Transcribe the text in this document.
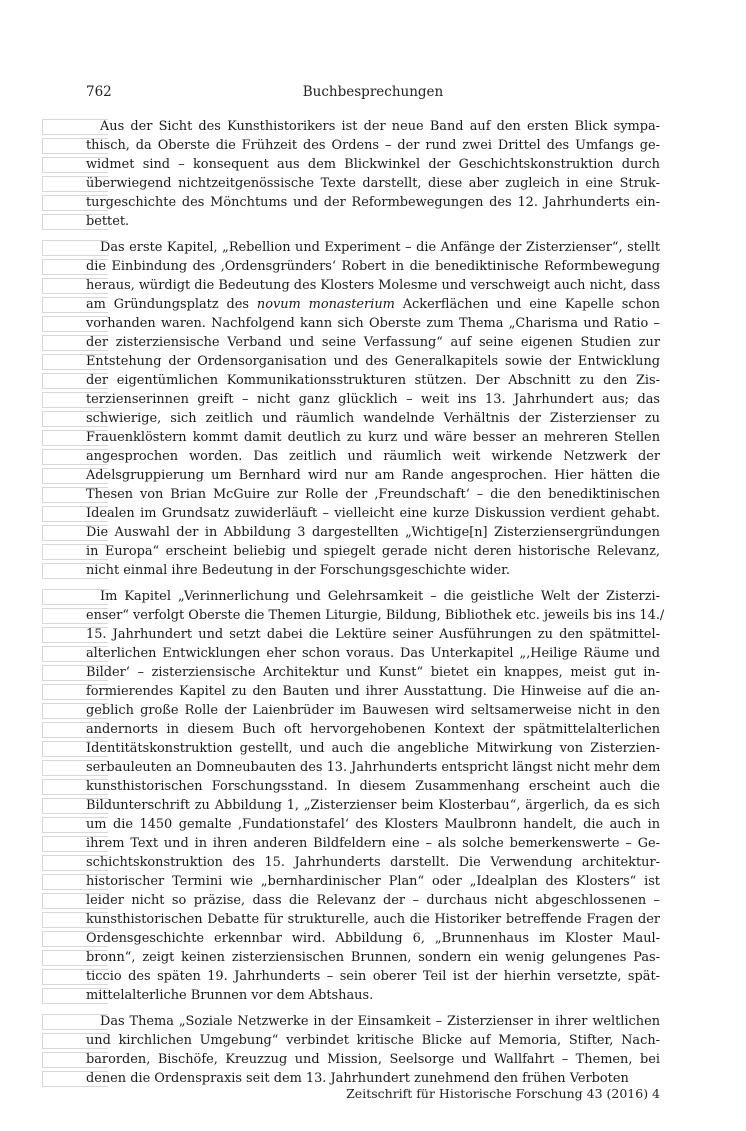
762	Buchbesprechungen

Aus der Sicht des Kunsthistorikers ist der neue Band auf den ersten Blick sympa-
thisch, da Oberste die Frühzeit des Ordens – der rund zwei Drittel des Umfangs ge-
widmet sind – konsequent aus dem Blickwinkel der Geschichtskonstruktion durch
überwiegend nichtzeitgenössische Texte darstellt, diese aber zugleich in eine Struk-
turgeschichte des Mönchtums und der Reformbewegungen des 12. Jahrhunderts ein-
bettet.

Das erste Kapitel, „Rebellion und Experiment – die Anfänge der Zisterzienser“, stellt
die Einbindung des ‚Ordensgründers‘ Robert in die benediktinische Reformbewegung
heraus, würdigt die Bedeutung des Klosters Molesme und verschweigt auch nicht, dass
am Gründungsplatz des novum monasterium Ackerflächen und eine Kapelle schon
vorhanden waren. Nachfolgend kann sich Oberste zum Thema „Charisma und Ratio –
der zisterziensische Verband und seine Verfassung“ auf seine eigenen Studien zur
Entstehung der Ordensorganisation und des Generalkapitels sowie der Entwicklung
der eigentümlichen Kommunikationsstrukturen stützen. Der Abschnitt zu den Zis-
terzienserinnen greift – nicht ganz glücklich – weit ins 13. Jahrhundert aus; das
schwierige, sich zeitlich und räumlich wandelnde Verhältnis der Zisterzienser zu
Frauenklöstern kommt damit deutlich zu kurz und wäre besser an mehreren Stellen
angesprochen worden. Das zeitlich und räumlich weit wirkende Netzwerk der
Adelsgruppierung um Bernhard wird nur am Rande angesprochen. Hier hätten die
Thesen von Brian McGuire zur Rolle der ‚Freundschaft‘ – die den benediktinischen
Idealen im Grundsatz zuwiderläuft – vielleicht eine kurze Diskussion verdient gehabt.
Die Auswahl der in Abbildung 3 dargestellten „Wichtige[n] Zisterziensergründungen
in Europa“ erscheint beliebig und spiegelt gerade nicht deren historische Relevanz,
nicht einmal ihre Bedeutung in der Forschungsgeschichte wider.

Im Kapitel „Verinnerlichung und Gelehrsamkeit – die geistliche Welt der Zisterzi-
enser“ verfolgt Oberste die Themen Liturgie, Bildung, Bibliothek etc. jeweils bis ins 14./
15. Jahrhundert und setzt dabei die Lektüre seiner Ausführungen zu den spätmittel-
alterlichen Entwicklungen eher schon voraus. Das Unterkapitel „‚Heilige Räume und
Bilder‘ – zisterziensische Architektur und Kunst“ bietet ein knappes, meist gut in-
formierendes Kapitel zu den Bauten und ihrer Ausstattung. Die Hinweise auf die an-
geblich große Rolle der Laienbrüder im Bauwesen wird seltsamerweise nicht in den
andernorts in diesem Buch oft hervorgehobenen Kontext der spätmittelalterlichen
Identitätskonstruktion gestellt, und auch die angebliche Mitwirkung von Zisterzien-
serbauleuten an Domneubauten des 13. Jahrhunderts entspricht längst nicht mehr dem
kunsthistorischen Forschungsstand. In diesem Zusammenhang erscheint auch die
Bildunterschrift zu Abbildung 1, „Zisterzienser beim Klosterbau“, ärgerlich, da es sich
um die 1450 gemalte ‚Fundationstafel‘ des Klosters Maulbronn handelt, die auch in
ihrem Text und in ihren anderen Bildfeldern eine – als solche bemerkenswerte – Ge-
schichtskonstruktion des 15. Jahrhunderts darstellt. Die Verwendung architektur-
historischer Termini wie „bernhardinischer Plan“ oder „Idealplan des Klosters“ ist
leider nicht so präzise, dass die Relevanz der – durchaus nicht abgeschlossenen –
kunsthistorischen Debatte für strukturelle, auch die Historiker betreffende Fragen der
Ordensgeschichte erkennbar wird. Abbildung 6, „Brunnenhaus im Kloster Maul-
bronn“, zeigt keinen zisterziensischen Brunnen, sondern ein wenig gelungenes Pas-
ticcio des späten 19. Jahrhunderts – sein oberer Teil ist der hierhin versetzte, spät-
mittelalterliche Brunnen vor dem Abtshaus.

Das Thema „Soziale Netzwerke in der Einsamkeit – Zisterzienser in ihrer weltlichen
und kirchlichen Umgebung“ verbindet kritische Blicke auf Memoria, Stifter, Nach-
barorden, Bischöfe, Kreuzzug und Mission, Seelsorge und Wallfahrt – Themen, bei
denen die Ordenspraxis seit dem 13. Jahrhundert zunehmend den frühen Verboten

Zeitschrift für Historische Forschung 43 (2016) 4
